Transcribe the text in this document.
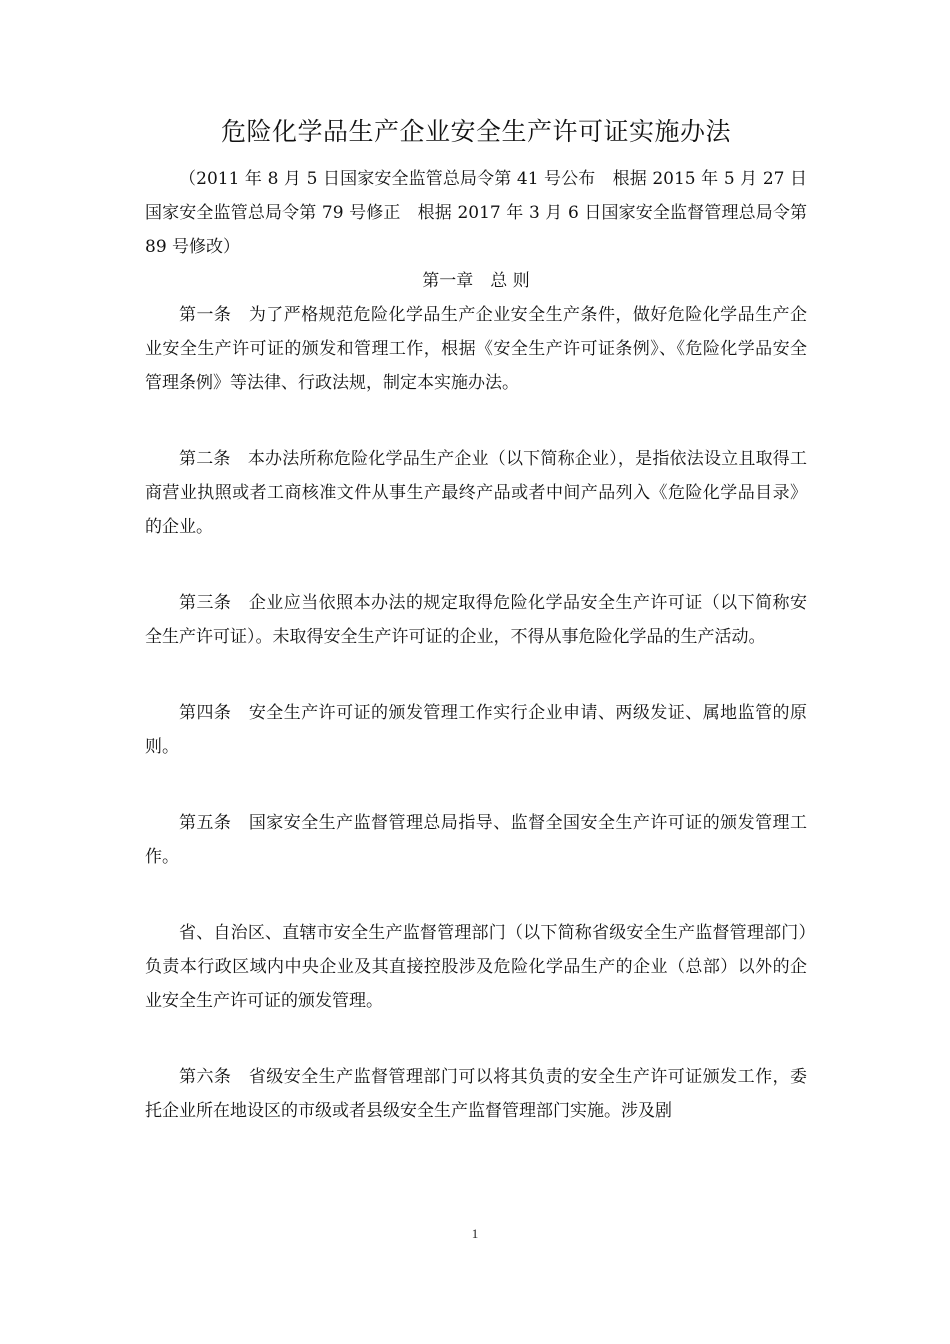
危险化学品生产企业安全生产许可证实施办法

（2011 年 8 月 5 日国家安全监管总局令第 41 号公布　根据 2015 年 5 月 27 日国家安全监管总局令第 79 号修正　根据 2017 年 3 月 6 日国家安全监督管理总局令第 89 号修改）

第一章　总 则

第一条　为了严格规范危险化学品生产企业安全生产条件，做好危险化学品生产企业安全生产许可证的颁发和管理工作，根据《安全生产许可证条例》、《危险化学品安全管理条例》等法律、行政法规，制定本实施办法。

第二条　本办法所称危险化学品生产企业（以下简称企业），是指依法设立且取得工商营业执照或者工商核准文件从事生产最终产品或者中间产品列入《危险化学品目录》的企业。

第三条　企业应当依照本办法的规定取得危险化学品安全生产许可证（以下简称安全生产许可证）。未取得安全生产许可证的企业，不得从事危险化学品的生产活动。

第四条　安全生产许可证的颁发管理工作实行企业申请、两级发证、属地监管的原则。

第五条　国家安全生产监督管理总局指导、监督全国安全生产许可证的颁发管理工作。

省、自治区、直辖市安全生产监督管理部门（以下简称省级安全生产监督管理部门）负责本行政区域内中央企业及其直接控股涉及危险化学品生产的企业（总部）以外的企业安全生产许可证的颁发管理。

第六条　省级安全生产监督管理部门可以将其负责的安全生产许可证颁发工作，委托企业所在地设区的市级或者县级安全生产监督管理部门实施。涉及剧

1
